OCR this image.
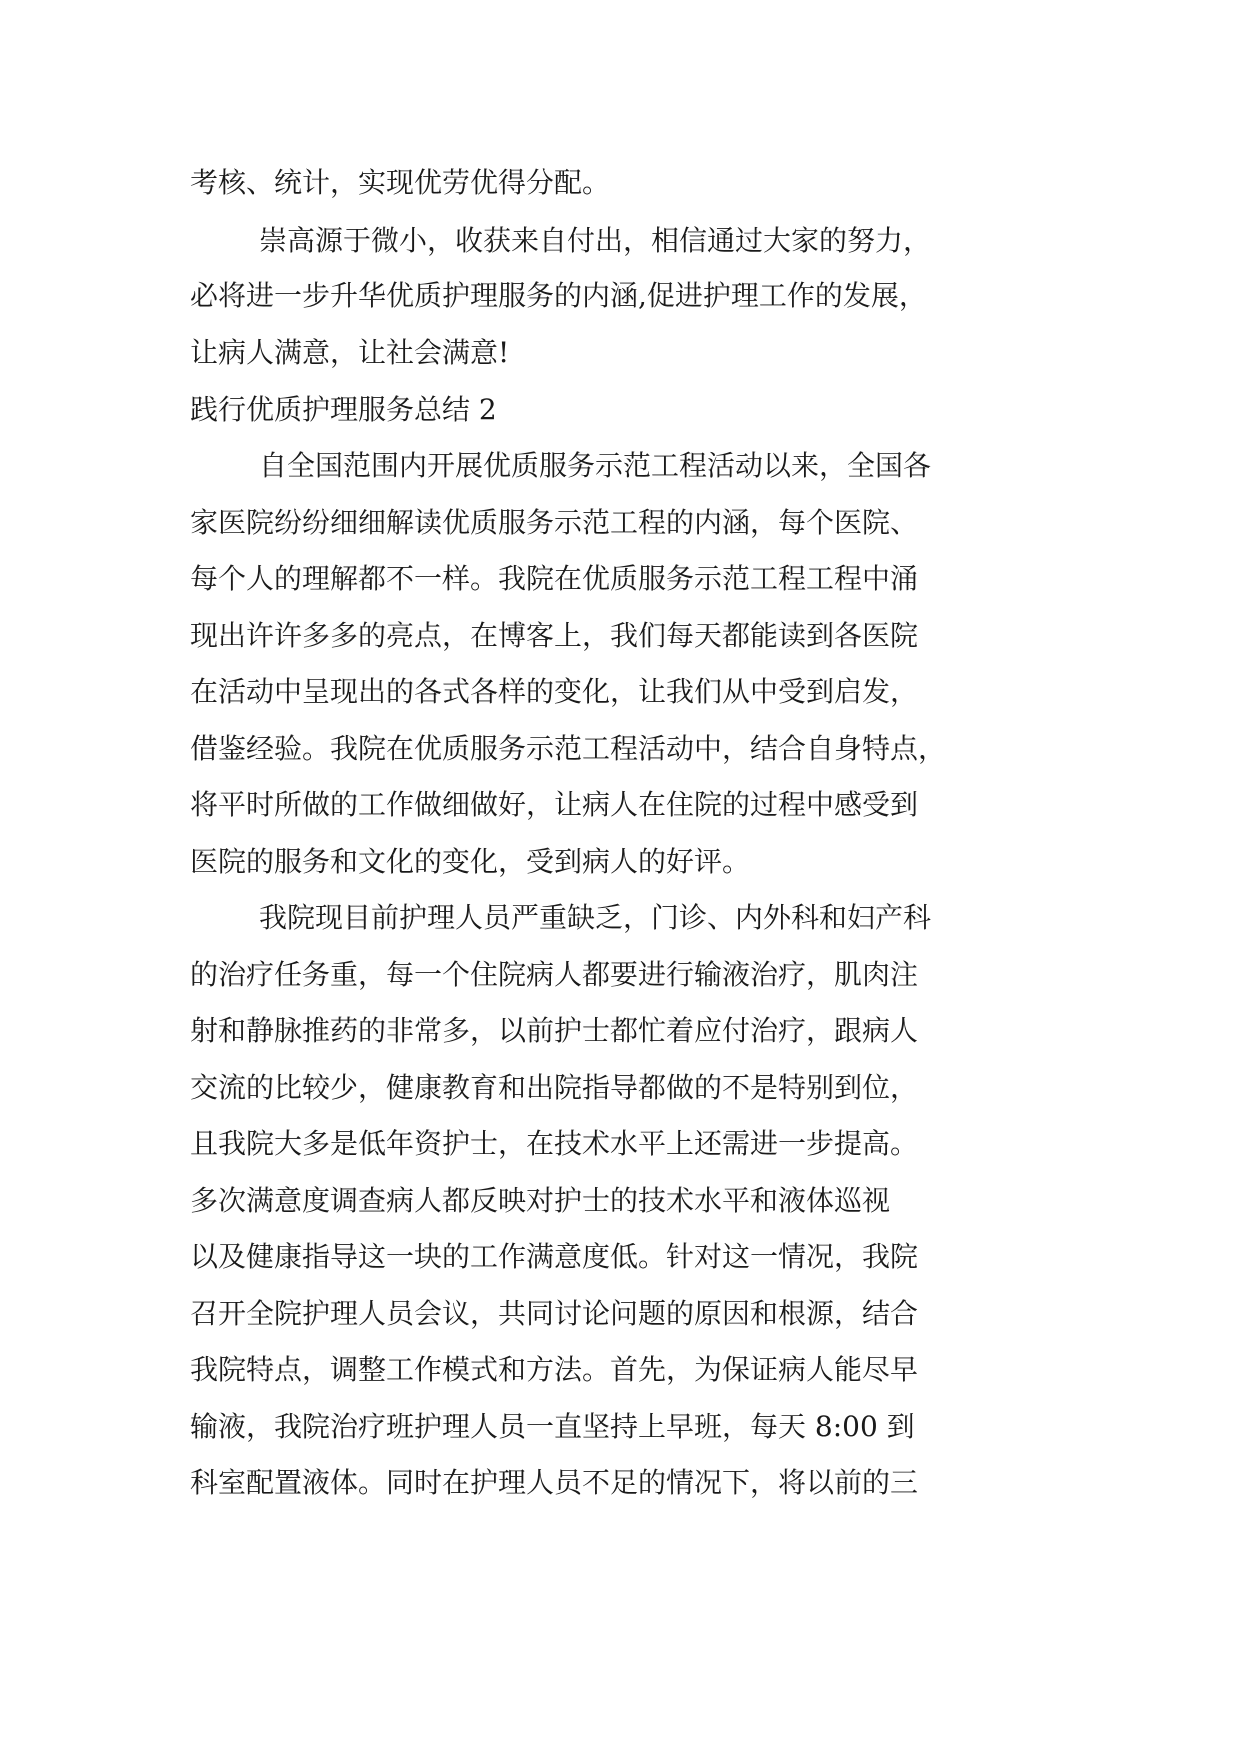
考核、统计，实现优劳优得分配。
崇高源于微小，收获来自付出，相信通过大家的努力，
必将进一步升华优质护理服务的内涵,促进护理工作的发展，
让病人满意，让社会满意!
践行优质护理服务总结 2
自全国范围内开展优质服务示范工程活动以来，全国各
家医院纷纷细细解读优质服务示范工程的内涵，每个医院、
每个人的理解都不一样。我院在优质服务示范工程工程中涌
现出许许多多的亮点，在博客上，我们每天都能读到各医院
在活动中呈现出的各式各样的变化，让我们从中受到启发，
借鉴经验。我院在优质服务示范工程活动中，结合自身特点，
将平时所做的工作做细做好，让病人在住院的过程中感受到
医院的服务和文化的变化，受到病人的好评。
我院现目前护理人员严重缺乏，门诊、内外科和妇产科
的治疗任务重，每一个住院病人都要进行输液治疗，肌肉注
射和静脉推药的非常多，以前护士都忙着应付治疗，跟病人
交流的比较少，健康教育和出院指导都做的不是特别到位，
且我院大多是低年资护士，在技术水平上还需进一步提高。
多次满意度调查病人都反映对护士的技术水平和液体巡视
以及健康指导这一块的工作满意度低。针对这一情况，我院
召开全院护理人员会议，共同讨论问题的原因和根源，结合
我院特点，调整工作模式和方法。首先，为保证病人能尽早
输液，我院治疗班护理人员一直坚持上早班，每天 8:00 到
科室配置液体。同时在护理人员不足的情况下，将以前的三
